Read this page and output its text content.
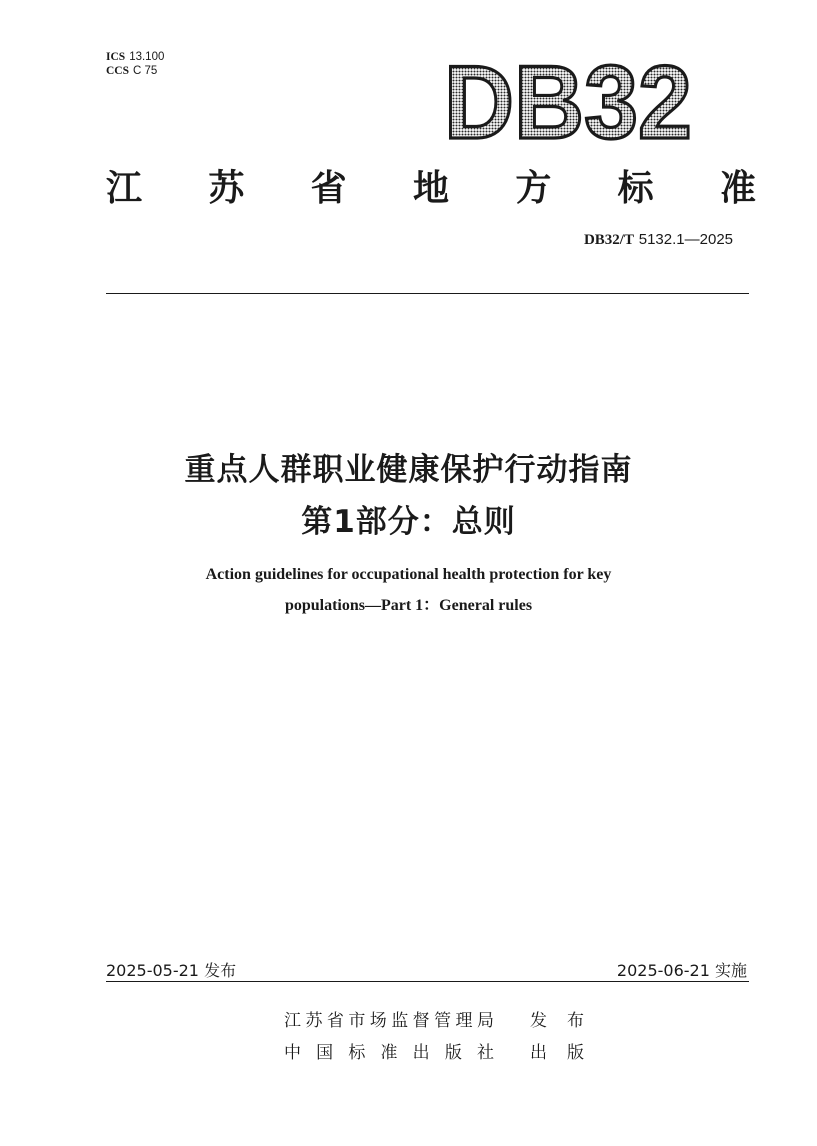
ICS 13.100
CCS C 75	DB32
江 苏 省 地 方 标 准
DB32/T 5132.1—2025
重点人群职业健康保护行动指南
第1部分：总则
Action guidelines for occupational health protection for key
populations—Part 1：General rules
2025-05-21 发布	2025-06-21 实施
江苏省市场监督管理局 发布
中国标准出版社 出版
